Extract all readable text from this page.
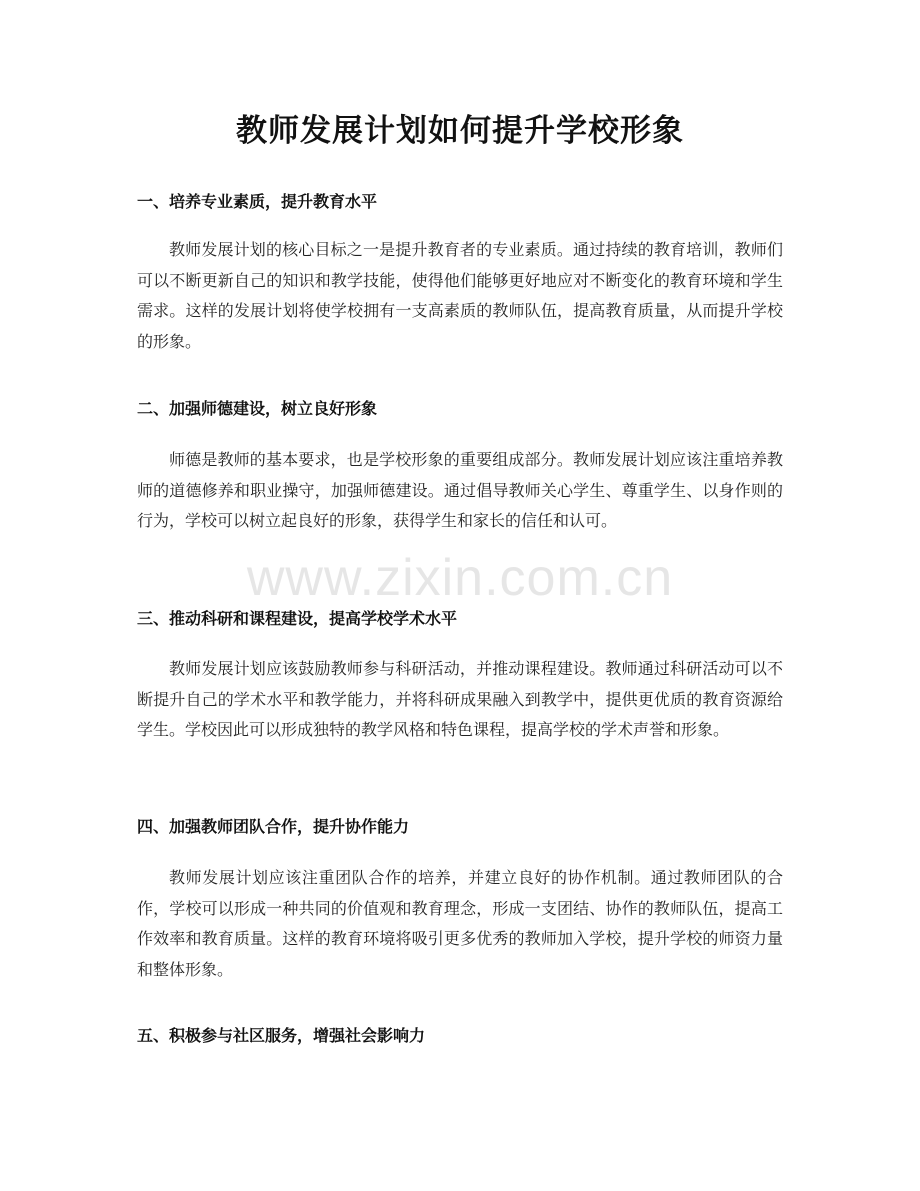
教师发展计划如何提升学校形象
一、培养专业素质，提升教育水平

教师发展计划的核心目标之一是提升教育者的专业素质。通过持续的教育培训，教师们可以不断更新自己的知识和教学技能，使得他们能够更好地应对不断变化的教育环境和学生需求。这样的发展计划将使学校拥有一支高素质的教师队伍，提高教育质量，从而提升学校的形象。

二、加强师德建设，树立良好形象

师德是教师的基本要求，也是学校形象的重要组成部分。教师发展计划应该注重培养教师的道德修养和职业操守，加强师德建设。通过倡导教师关心学生、尊重学生、以身作则的行为，学校可以树立起良好的形象，获得学生和家长的信任和认可。

三、推动科研和课程建设，提高学校学术水平

教师发展计划应该鼓励教师参与科研活动，并推动课程建设。教师通过科研活动可以不断提升自己的学术水平和教学能力，并将科研成果融入到教学中，提供更优质的教育资源给学生。学校因此可以形成独特的教学风格和特色课程，提高学校的学术声誉和形象。

四、加强教师团队合作，提升协作能力

教师发展计划应该注重团队合作的培养，并建立良好的协作机制。通过教师团队的合作，学校可以形成一种共同的价值观和教育理念，形成一支团结、协作的教师队伍，提高工作效率和教育质量。这样的教育环境将吸引更多优秀的教师加入学校，提升学校的师资力量和整体形象。

五、积极参与社区服务，增强社会影响力
www.zixin.com.cn
